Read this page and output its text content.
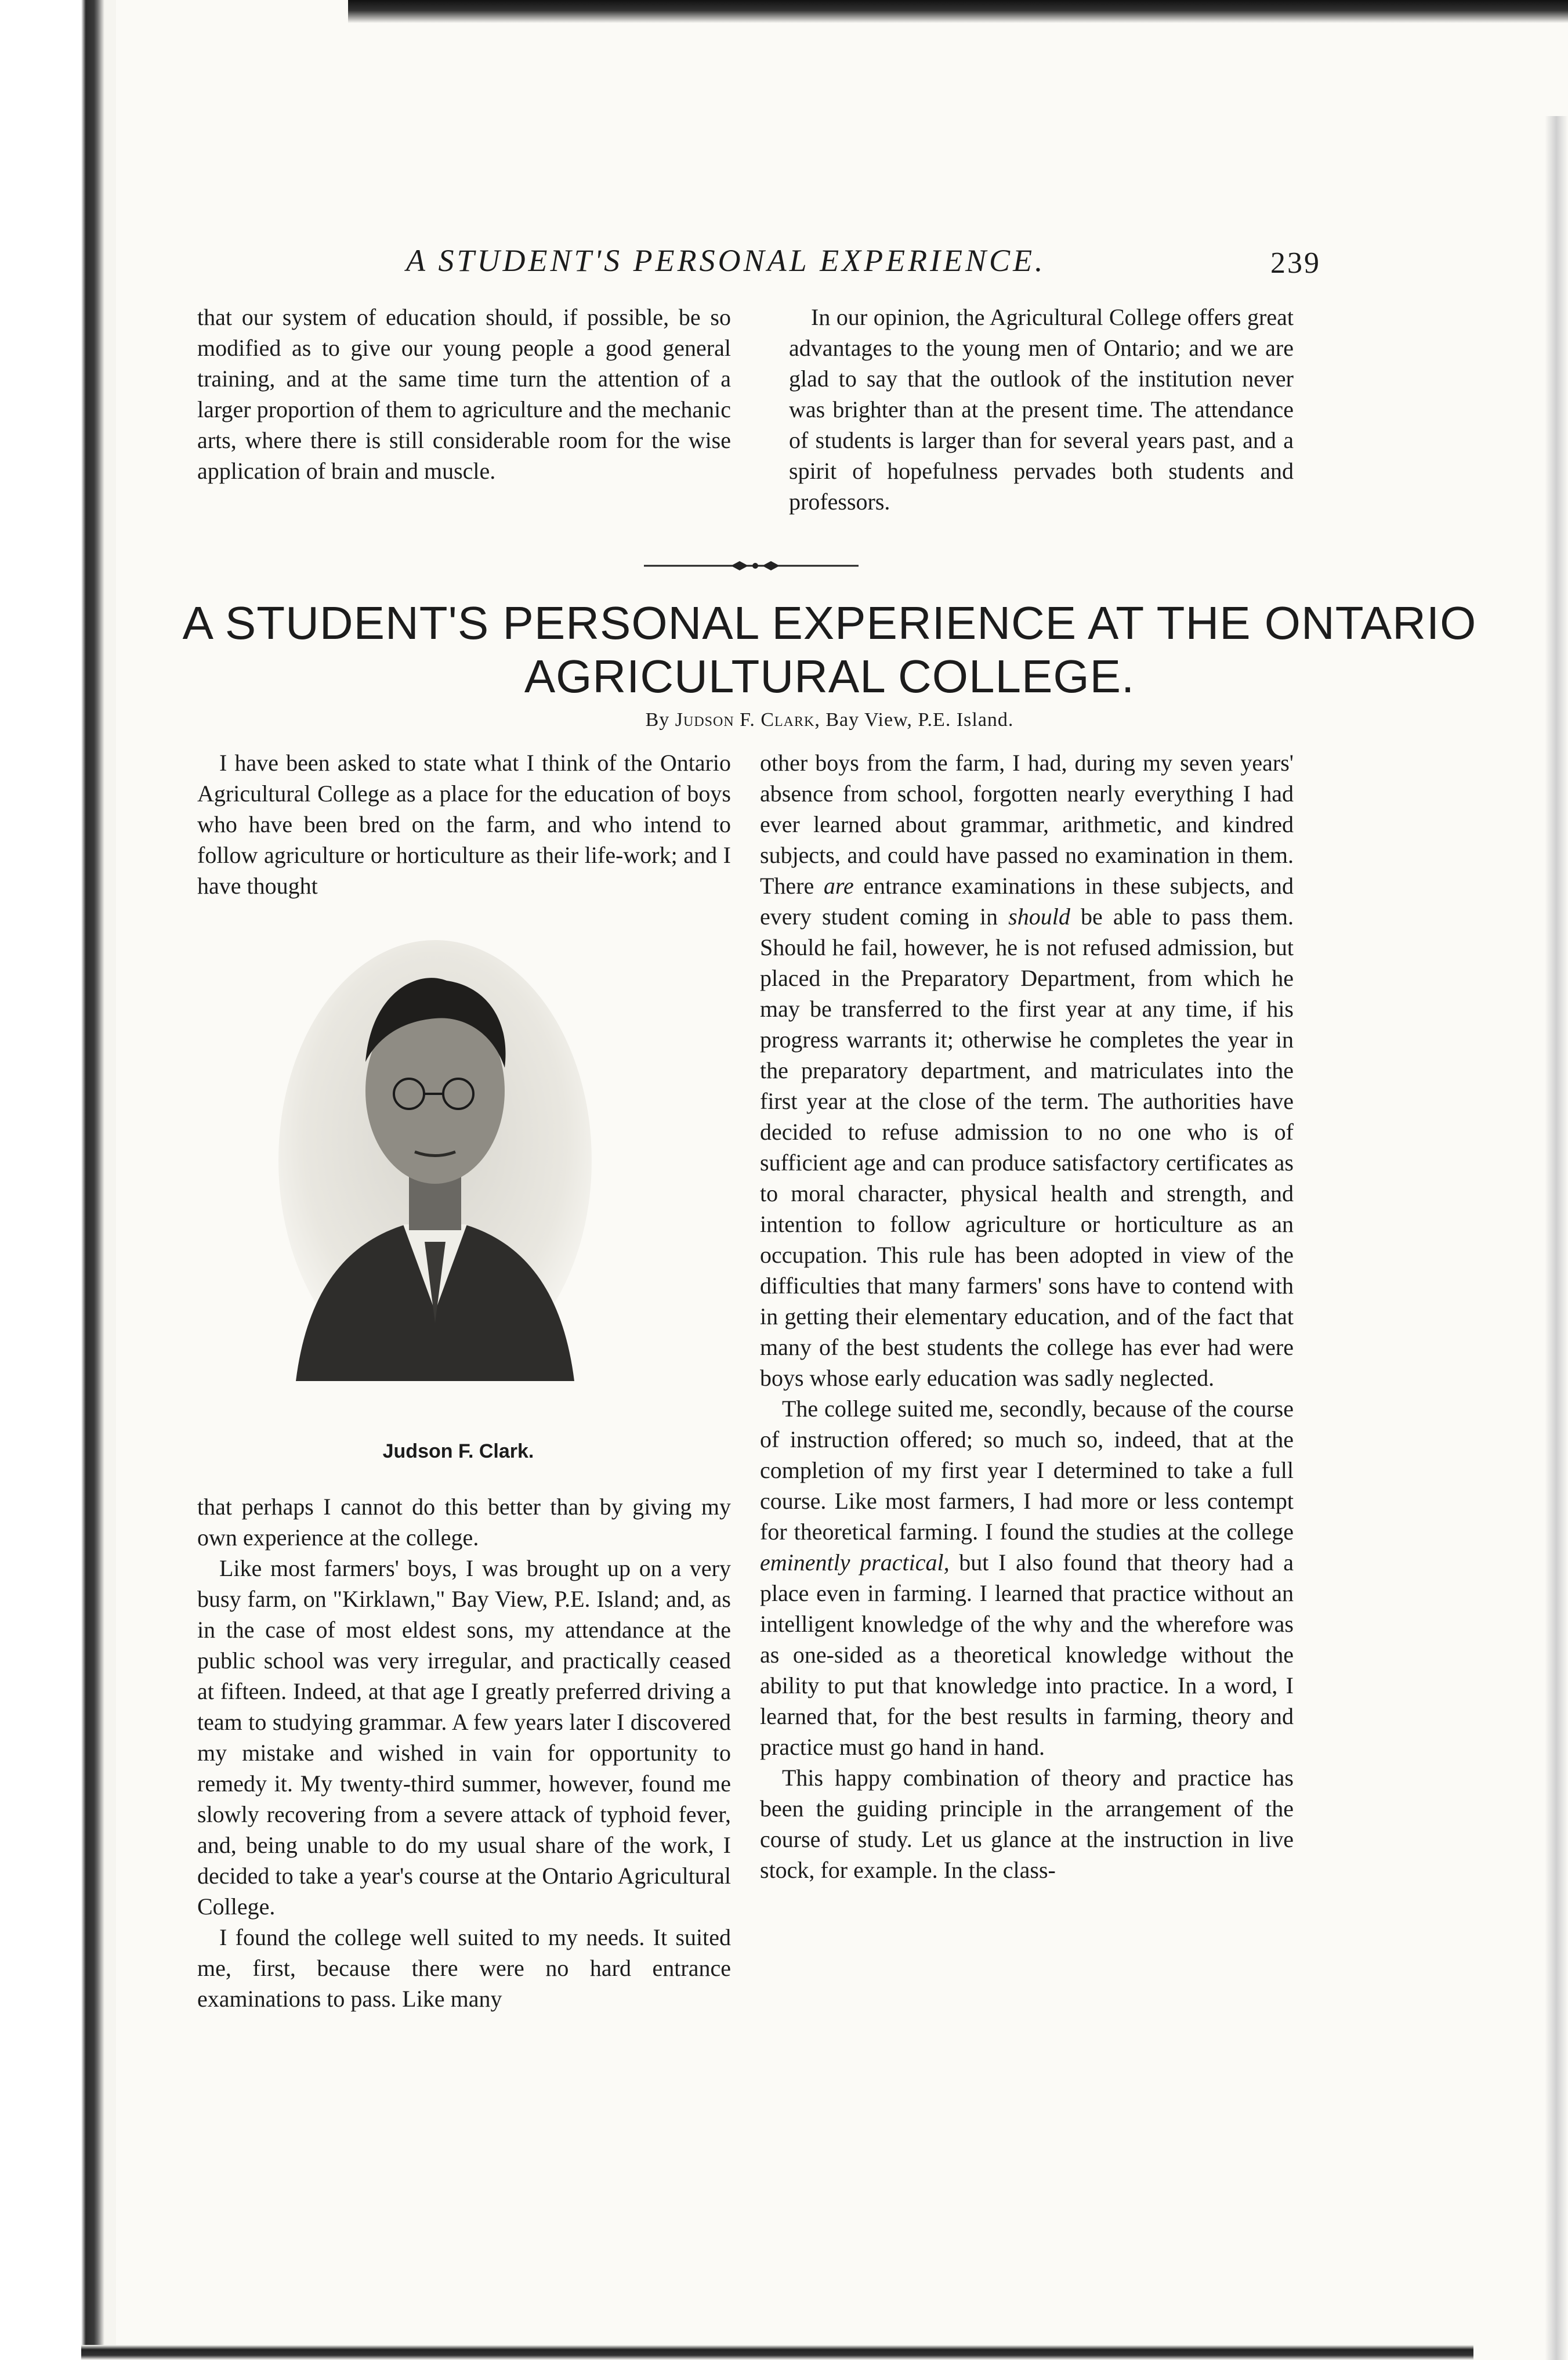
A STUDENT'S PERSONAL EXPERIENCE.	239

that our system of education should, if possible, be so modified as to give our young people a good general training, and at the same time turn the attention of a larger proportion of them to agriculture and the mechanic arts, where there is still considerable room for the wise application of brain and muscle.

In our opinion, the Agricultural College offers great advantages to the young men of Ontario; and we are glad to say that the outlook of the institution never was brighter than at the present time. The attendance of students is larger than for several years past, and a spirit of hopefulness pervades both students and professors.

A STUDENT'S PERSONAL EXPERIENCE AT THE ONTARIO
AGRICULTURAL COLLEGE.
By Judson F. Clark, Bay View, P.E. Island.

I have been asked to state what I think of the Ontario Agricultural College as a place for the education of boys who have been bred on the farm, and who intend to follow agriculture or horticulture as their life-work; and I have thought

Judson F. Clark.

that perhaps I cannot do this better than by giving my own experience at the college.

Like most farmers' boys, I was brought up on a very busy farm, on "Kirklawn," Bay View, P.E. Island; and, as in the case of most eldest sons, my attendance at the public school was very irregular, and practically ceased at fifteen. Indeed, at that age I greatly preferred driving a team to studying grammar. A few years later I discovered my mistake and wished in vain for opportunity to remedy it. My twenty-third summer, however, found me slowly recovering from a severe attack of typhoid fever, and, being unable to do my usual share of the work, I decided to take a year's course at the Ontario Agricultural College.

I found the college well suited to my needs. It suited me, first, because there were no hard entrance examinations to pass. Like many

other boys from the farm, I had, during my seven years' absence from school, forgotten nearly everything I had ever learned about grammar, arithmetic, and kindred subjects, and could have passed no examination in them. There are entrance examinations in these subjects, and every student coming in should be able to pass them. Should he fail, however, he is not refused admission, but placed in the Preparatory Department, from which he may be transferred to the first year at any time, if his progress warrants it; otherwise he completes the year in the preparatory department, and matriculates into the first year at the close of the term. The authorities have decided to refuse admission to no one who is of sufficient age and can produce satisfactory certificates as to moral character, physical health and strength, and intention to follow agriculture or horticulture as an occupation. This rule has been adopted in view of the difficulties that many farmers' sons have to contend with in getting their elementary education, and of the fact that many of the best students the college has ever had were boys whose early education was sadly neglected.

The college suited me, secondly, because of the course of instruction offered; so much so, indeed, that at the completion of my first year I determined to take a full course. Like most farmers, I had more or less contempt for theoretical farming. I found the studies at the college eminently practical, but I also found that theory had a place even in farming. I learned that practice without an intelligent knowledge of the why and the wherefore was as one-sided as a theoretical knowledge without the ability to put that knowledge into practice. In a word, I learned that, for the best results in farming, theory and practice must go hand in hand.

This happy combination of theory and practice has been the guiding principle in the arrangement of the course of study. Let us glance at the instruction in live stock, for example. In the class-
